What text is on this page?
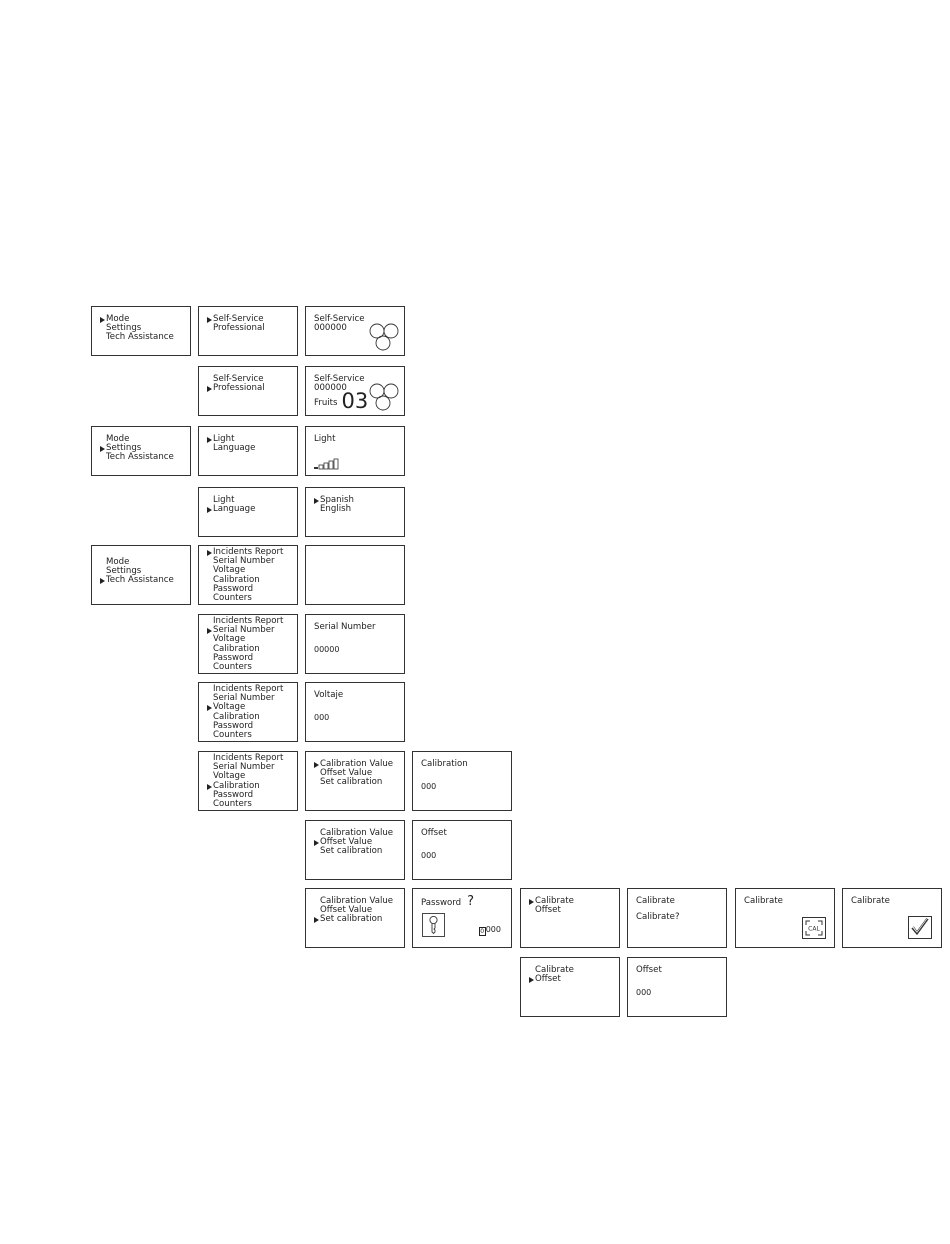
Mode
Settings
Tech Assistance
Self-Service
Professional
Self-Service
000000
Self-Service
Professional
Self-Service
000000
Fruits 03
Mode
Settings
Tech Assistance
Light
Language
Light
Light
Language
Spanish
English
Mode
Settings
Tech Assistance
Incidents Report
Serial Number
Voltage
Calibration
Password
Counters
Incidents Report
Serial Number
Voltage
Calibration
Password
Counters
Serial Number
00000
Incidents Report
Serial Number
Voltage
Calibration
Password
Counters
Voltaje
000
Incidents Report
Serial Number
Voltage
Calibration
Password
Counters
Calibration Value
Offset Value
Set calibration
Calibration
000
Calibration Value
Offset Value
Set calibration
Offset
000
Calibration Value
Offset Value
Set calibration
Password ?
0 000
Calibrate
Offset
Calibrate
Calibrate?
Calibrate
CAL
Calibrate
Calibrate
Offset
Offset
000
